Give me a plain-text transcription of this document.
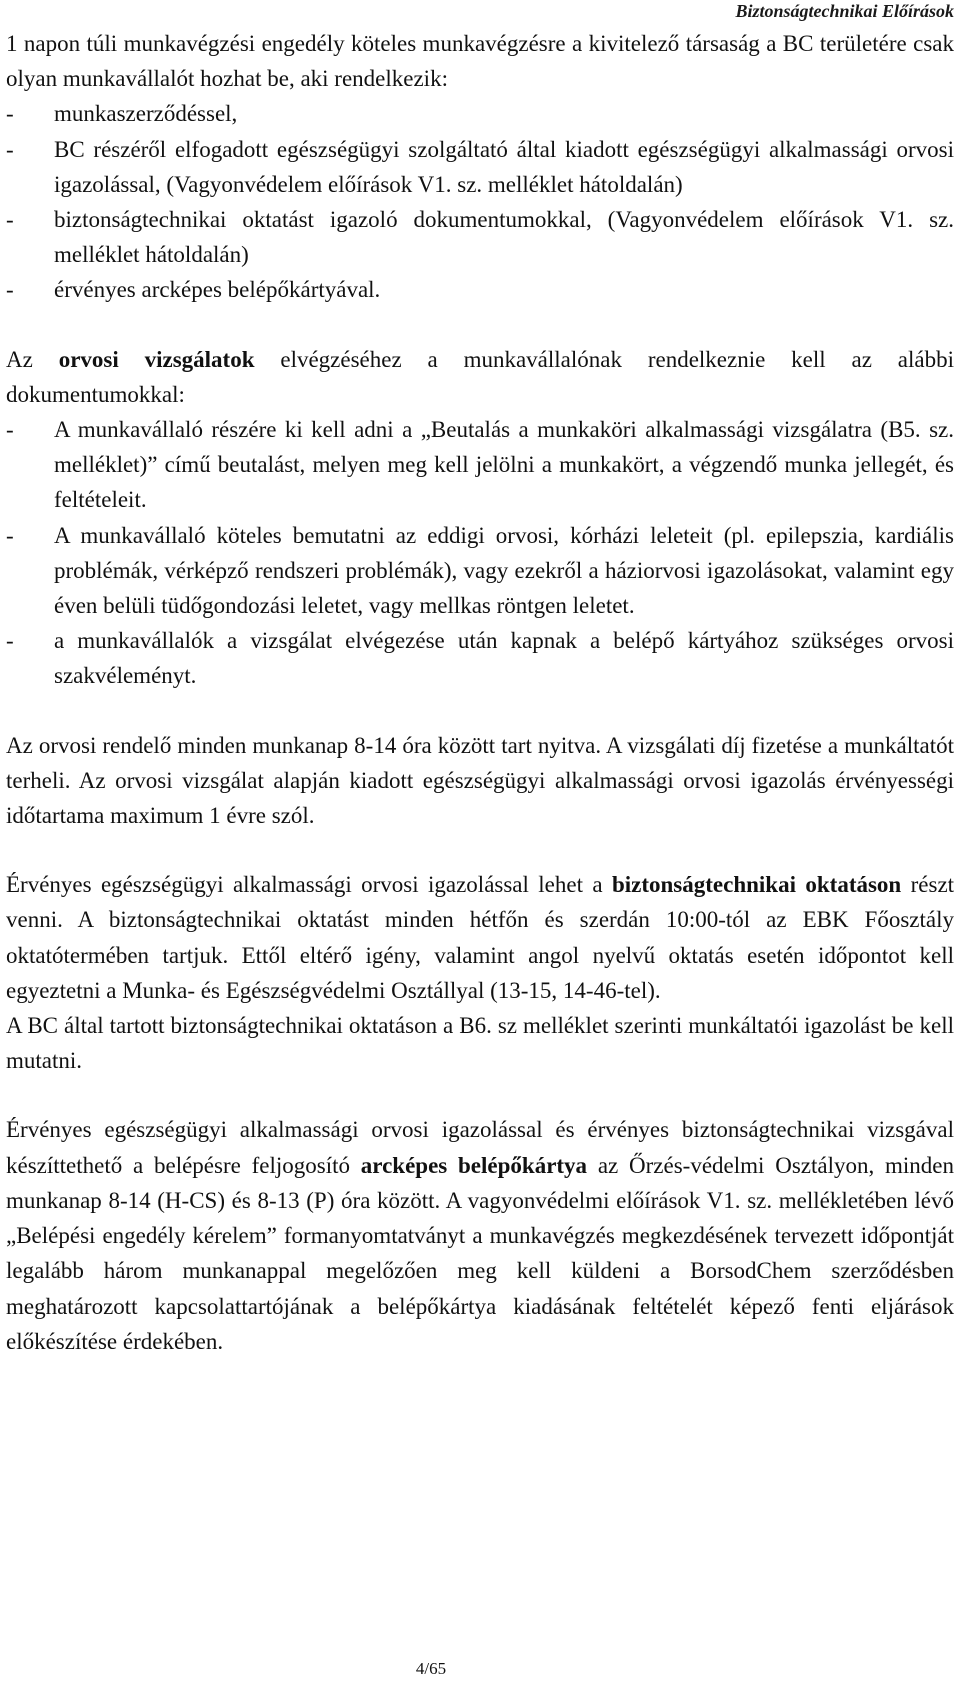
Biztonságtechnikai Előírások

1 napon túli munkavégzési engedély köteles munkavégzésre a kivitelező társaság a BC területére csak olyan munkavállalót hozhat be, aki rendelkezik:

-	munkaszerződéssel,
-	BC részéről elfogadott egészségügyi szolgáltató által kiadott egészségügyi alkalmassági orvosi igazolással, (Vagyonvédelem előírások V1. sz. melléklet hátoldalán)
-	biztonságtechnikai oktatást igazoló dokumentumokkal, (Vagyonvédelem előírások V1. sz. melléklet hátoldalán)
-	érvényes arcképes belépőkártyával.

Az orvosi vizsgálatok elvégzéséhez a munkavállalónak rendelkeznie kell az alábbi dokumentumokkal:

-	A munkavállaló részére ki kell adni a „Beutalás a munkaköri alkalmassági vizsgálatra (B5. sz. melléklet)” című beutalást, melyen meg kell jelölni a munkakört, a végzendő munka jellegét, és feltételeit.
-	A munkavállaló köteles bemutatni az eddigi orvosi, kórházi leleteit (pl. epilepszia, kardiális problémák, vérképző rendszeri problémák), vagy ezekről a háziorvosi igazolásokat, valamint egy éven belüli tüdőgondozási leletet, vagy mellkas röntgen leletet.
-	a munkavállalók a vizsgálat elvégezése után kapnak a belépő kártyához szükséges orvosi szakvéleményt.

Az orvosi rendelő minden munkanap 8-14 óra között tart nyitva. A vizsgálati díj fizetése a munkáltatót terheli. Az orvosi vizsgálat alapján kiadott egészségügyi alkalmassági orvosi igazolás érvényességi időtartama maximum 1 évre szól.

Érvényes egészségügyi alkalmassági orvosi igazolással lehet a biztonságtechnikai oktatáson részt venni. A biztonságtechnikai oktatást minden hétfőn és szerdán 10:00-tól az EBK Főosztály oktatótermében tartjuk. Ettől eltérő igény, valamint angol nyelvű oktatás esetén időpontot kell egyeztetni a Munka- és Egészségvédelmi Osztállyal (13-15, 14-46-tel).

A BC által tartott biztonságtechnikai oktatáson a B6. sz melléklet szerinti munkáltatói igazolást be kell mutatni.

Érvényes egészségügyi alkalmassági orvosi igazolással és érvényes biztonságtechnikai vizsgával készíttethető a belépésre feljogosító arcképes belépőkártya az Őrzés-védelmi Osztályon, minden munkanap 8-14 (H-CS) és 8-13 (P) óra között. A vagyonvédelmi előírások V1. sz. mellékletében lévő „Belépési engedély kérelem” formanyomtatványt a munkavégzés megkezdésének tervezett időpontját legalább három munkanappal megelőzően meg kell küldeni a BorsodChem szerződésben meghatározott kapcsolattartójának a belépőkártya kiadásának feltételét képező fenti eljárások előkészítése érdekében.

4/65
